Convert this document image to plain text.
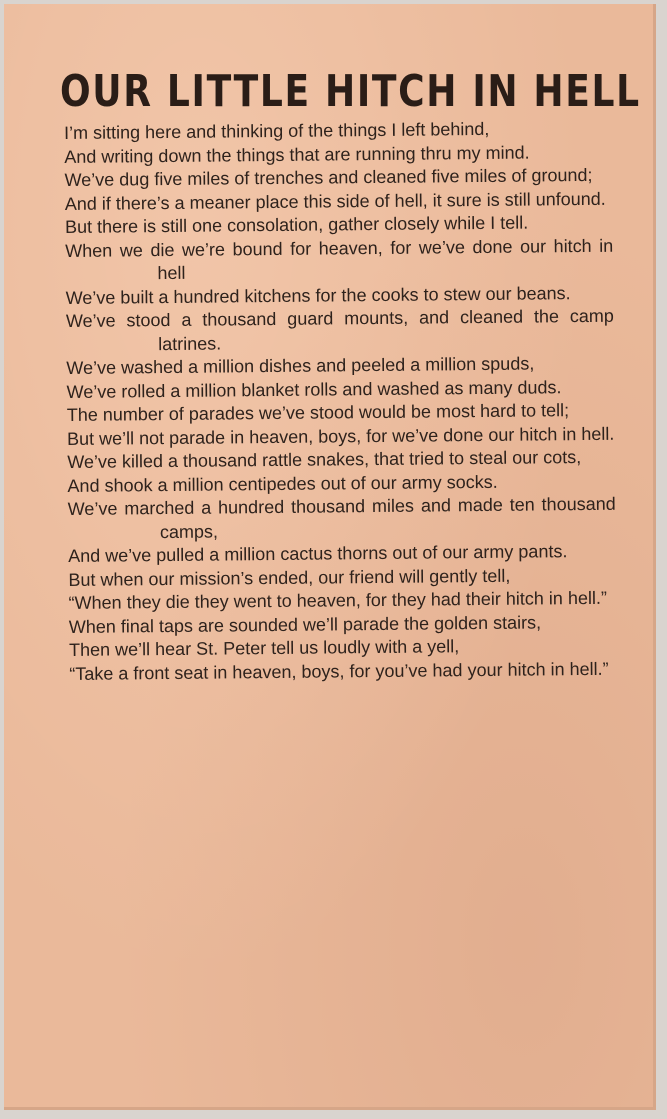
OUR LITTLE HITCH IN HELL

I’m sitting here and thinking of the things I left behind,

And writing down the things that are running thru my mind.

We’ve dug five miles of trenches and cleaned five miles of ground;

And if there’s a meaner place this side of hell, it sure is still unfound.

But there is still one consolation, gather closely while I tell.

When we die we’re bound for heaven, for we’ve done our hitch in hell

We’ve built a hundred kitchens for the cooks to stew our beans.

We’ve stood a thousand guard mounts, and cleaned the camp latrines.

We’ve washed a million dishes and peeled a million spuds,

We’ve rolled a million blanket rolls and washed as many duds.

The number of parades we’ve stood would be most hard to tell;

But we’ll not parade in heaven, boys, for we’ve done our hitch in hell.

We’ve killed a thousand rattle snakes, that tried to steal our cots,

And shook a million centipedes out of our army socks.

We’ve marched a hundred thousand miles and made ten thousand camps,

And we’ve pulled a million cactus thorns out of our army pants.

But when our mission’s ended, our friend will gently tell,

“When they die they went to heaven, for they had their hitch in hell.”

When final taps are sounded we’ll parade the golden stairs,

Then we’ll hear St. Peter tell us loudly with a yell,

“Take a front seat in heaven, boys, for you’ve had your hitch in hell.”
